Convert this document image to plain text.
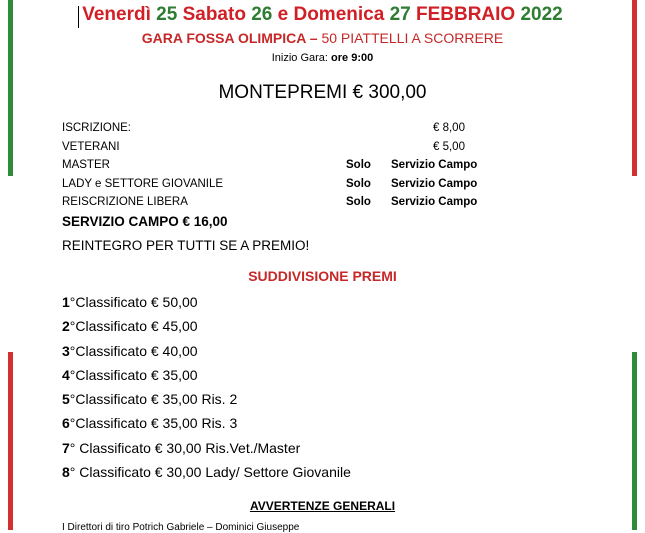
Venerdì 25 Sabato 26 e Domenica 27 FEBBRAIO 2022
GARA FOSSA OLIMPICA – 50 PIATTELLI A SCORRERE
Inizio Gara: ore 9:00
MONTEPREMI € 300,00
ISCRIZIONE:	€ 8,00
VETERANI	€ 5,00
MASTER	Solo Servizio Campo
LADY e SETTORE GIOVANILE	Solo Servizio Campo
REISCRIZIONE LIBERA	Solo Servizio Campo
SERVIZIO CAMPO € 16,00
REINTEGRO PER TUTTI SE A PREMIO!
SUDDIVISIONE PREMI
1°Classificato € 50,00
2°Classificato € 45,00
3°Classificato € 40,00
4°Classificato € 35,00
5°Classificato € 35,00 Ris. 2
6°Classificato € 35,00 Ris. 3
7° Classificato € 30,00 Ris.Vet./Master
8° Classificato € 30,00 Lady/ Settore Giovanile
AVVERTENZE GENERALI
I Direttori di tiro Potrich Gabriele – Dominici Giuseppe
